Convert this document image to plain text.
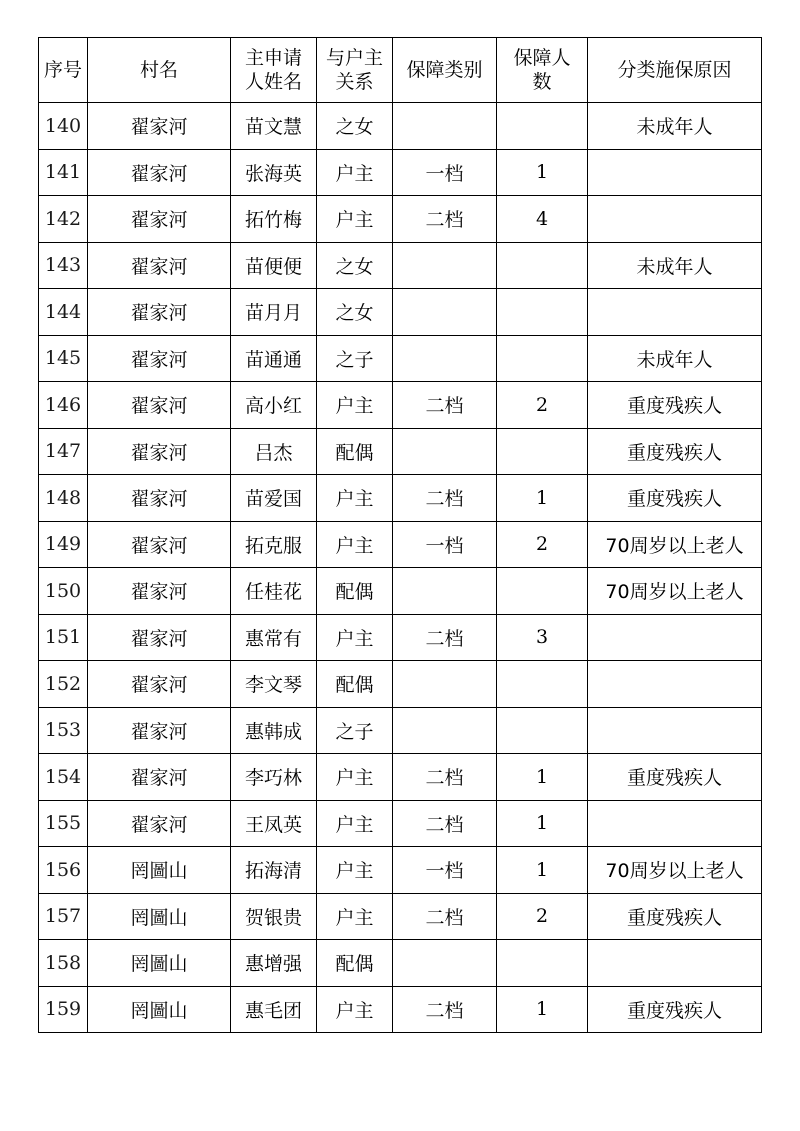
序号	村名	主申请人姓名	与户主关系	保障类别	保障人数	分类施保原因
140	翟家河	苗文慧	之女			未成年人
141	翟家河	张海英	户主	一档	1	
142	翟家河	拓竹梅	户主	二档	4	
143	翟家河	苗便便	之女			未成年人
144	翟家河	苗月月	之女			
145	翟家河	苗通通	之子			未成年人
146	翟家河	高小红	户主	二档	2	重度残疾人
147	翟家河	吕杰	配偶			重度残疾人
148	翟家河	苗爱国	户主	二档	1	重度残疾人
149	翟家河	拓克服	户主	一档	2	70周岁以上老人
150	翟家河	任桂花	配偶			70周岁以上老人
151	翟家河	惠常有	户主	二档	3	
152	翟家河	李文琴	配偶			
153	翟家河	惠韩成	之子			
154	翟家河	李巧林	户主	二档	1	重度残疾人
155	翟家河	王凤英	户主	二档	1	
156	罔圖山	拓海清	户主	一档	1	70周岁以上老人
157	罔圖山	贺银贵	户主	二档	2	重度残疾人
158	罔圖山	惠增强	配偶			
159	罔圖山	惠毛团	户主	二档	1	重度残疾人
